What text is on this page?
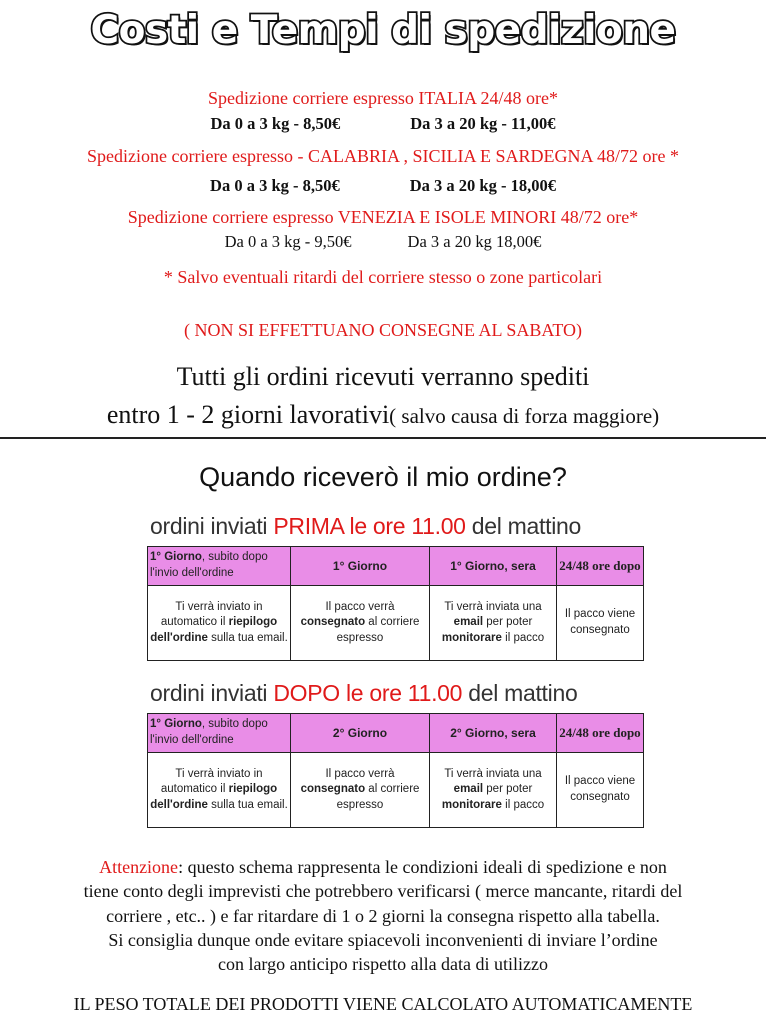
Costi e Tempi di spedizione
Spedizione corriere espresso ITALIA 24/48 ore*
Da 0 a 3 kg - 8,50€	Da 3 a 20 kg - 11,00€
Spedizione corriere espresso - CALABRIA , SICILIA E SARDEGNA 48/72 ore *
Da 0 a 3 kg - 8,50€	Da 3 a 20 kg - 18,00€
Spedizione corriere espresso VENEZIA E ISOLE MINORI 48/72 ore*
Da 0 a 3 kg - 9,50€	Da 3 a 20 kg 18,00€
* Salvo eventuali ritardi del corriere stesso o zone particolari
( NON SI EFFETTUANO CONSEGNE AL SABATO)
Tutti gli ordini ricevuti verranno spediti
entro 1 - 2 giorni lavorativi( salvo causa di forza maggiore)
Quando riceverò il mio ordine?
ordini inviati PRIMA le ore 11.00 del mattino
1° Giorno, subito dopo l'invio dell'ordine	1° Giorno	1° Giorno, sera	24/48 ore dopo
Ti verrà inviato in automatico il riepilogo dell'ordine sulla tua email.	Il pacco verrà consegnato al corriere espresso	Ti verrà inviata una email per poter monitorare il pacco	Il pacco viene consegnato
ordini inviati DOPO le ore 11.00 del mattino
1° Giorno, subito dopo l'invio dell'ordine	2° Giorno	2° Giorno, sera	24/48 ore dopo
Ti verrà inviato in automatico il riepilogo dell'ordine sulla tua email.	Il pacco verrà consegnato al corriere espresso	Ti verrà inviata una email per poter monitorare il pacco	Il pacco viene consegnato
Attenzione: questo schema rappresenta le condizioni ideali di spedizione e non
tiene conto degli imprevisti che potrebbero verificarsi ( merce mancante, ritardi del
corriere , etc.. ) e far ritardare di 1 o 2 giorni la consegna rispetto alla tabella.
Si consiglia dunque onde evitare spiacevoli inconvenienti di inviare l’ordine
con largo anticipo rispetto alla data di utilizzo
IL PESO TOTALE DEI PRODOTTI VIENE CALCOLATO AUTOMATICAMENTE
